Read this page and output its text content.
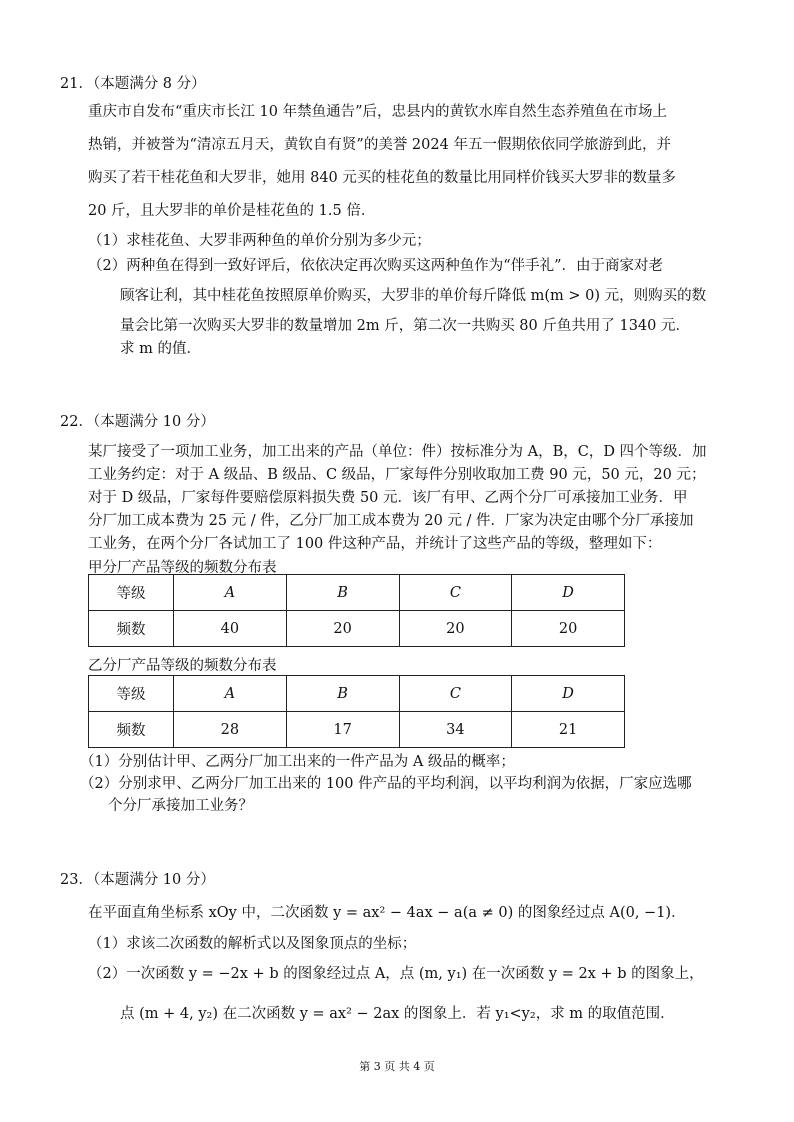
21．（本题满分 8 分）
重庆市自发布“重庆市长江 10 年禁鱼通告”后，忠县内的黄钦水库自然生态养殖鱼在市场上
热销，并被誉为“清凉五月天，黄钦自有贤”的美誉 2024 年五一假期依依同学旅游到此，并
购买了若干桂花鱼和大罗非，她用 840 元买的桂花鱼的数量比用同样价钱买大罗非的数量多
20 斤，且大罗非的单价是桂花鱼的 1.5 倍．
（1）求桂花鱼、大罗非两种鱼的单价分别为多少元；
（2）两种鱼在得到一致好评后，依依决定再次购买这两种鱼作为“伴手礼”．由于商家对老
顾客让利，其中桂花鱼按照原单价购买，大罗非的单价每斤降低 m(m > 0) 元，则购买的数
量会比第一次购买大罗非的数量增加 2m 斤，第二次一共购买 80 斤鱼共用了 1340 元．
求 m 的值．
22．（本题满分 10 分）
某厂接受了一项加工业务，加工出来的产品（单位：件）按标准分为 A，B，C，D 四个等级．加
工业务约定：对于 A 级品、B 级品、C 级品，厂家每件分别收取加工费 90 元，50 元，20 元；
对于 D 级品，厂家每件要赔偿原料损失费 50 元．该厂有甲、乙两个分厂可承接加工业务．甲
分厂加工成本费为 25 元 / 件，乙分厂加工成本费为 20 元 / 件．厂家为决定由哪个分厂承接加
工业务，在两个分厂各试加工了 100 件这种产品，并统计了这些产品的等级，整理如下：
甲分厂产品等级的频数分布表
等级	A	B	C	D
频数	40	20	20	20
乙分厂产品等级的频数分布表
等级	A	B	C	D
频数	28	17	34	21
（1）分别估计甲、乙两分厂加工出来的一件产品为 A 级品的概率；
（2）分别求甲、乙两分厂加工出来的 100 件产品的平均利润，以平均利润为依据，厂家应选哪
个分厂承接加工业务？
23．（本题满分 10 分）
在平面直角坐标系 xOy 中，二次函数 y = ax² − 4ax − a(a ≠ 0) 的图象经过点 A(0, −1)．
（1）求该二次函数的解析式以及图象顶点的坐标；
（2）一次函数 y = −2x + b 的图象经过点 A，点 (m, y₁) 在一次函数 y = 2x + b 的图象上，
点 (m + 4, y₂) 在二次函数 y = ax² − 2ax 的图象上．若 y₁<y₂，求 m 的取值范围．
第 3 页 共 4 页
